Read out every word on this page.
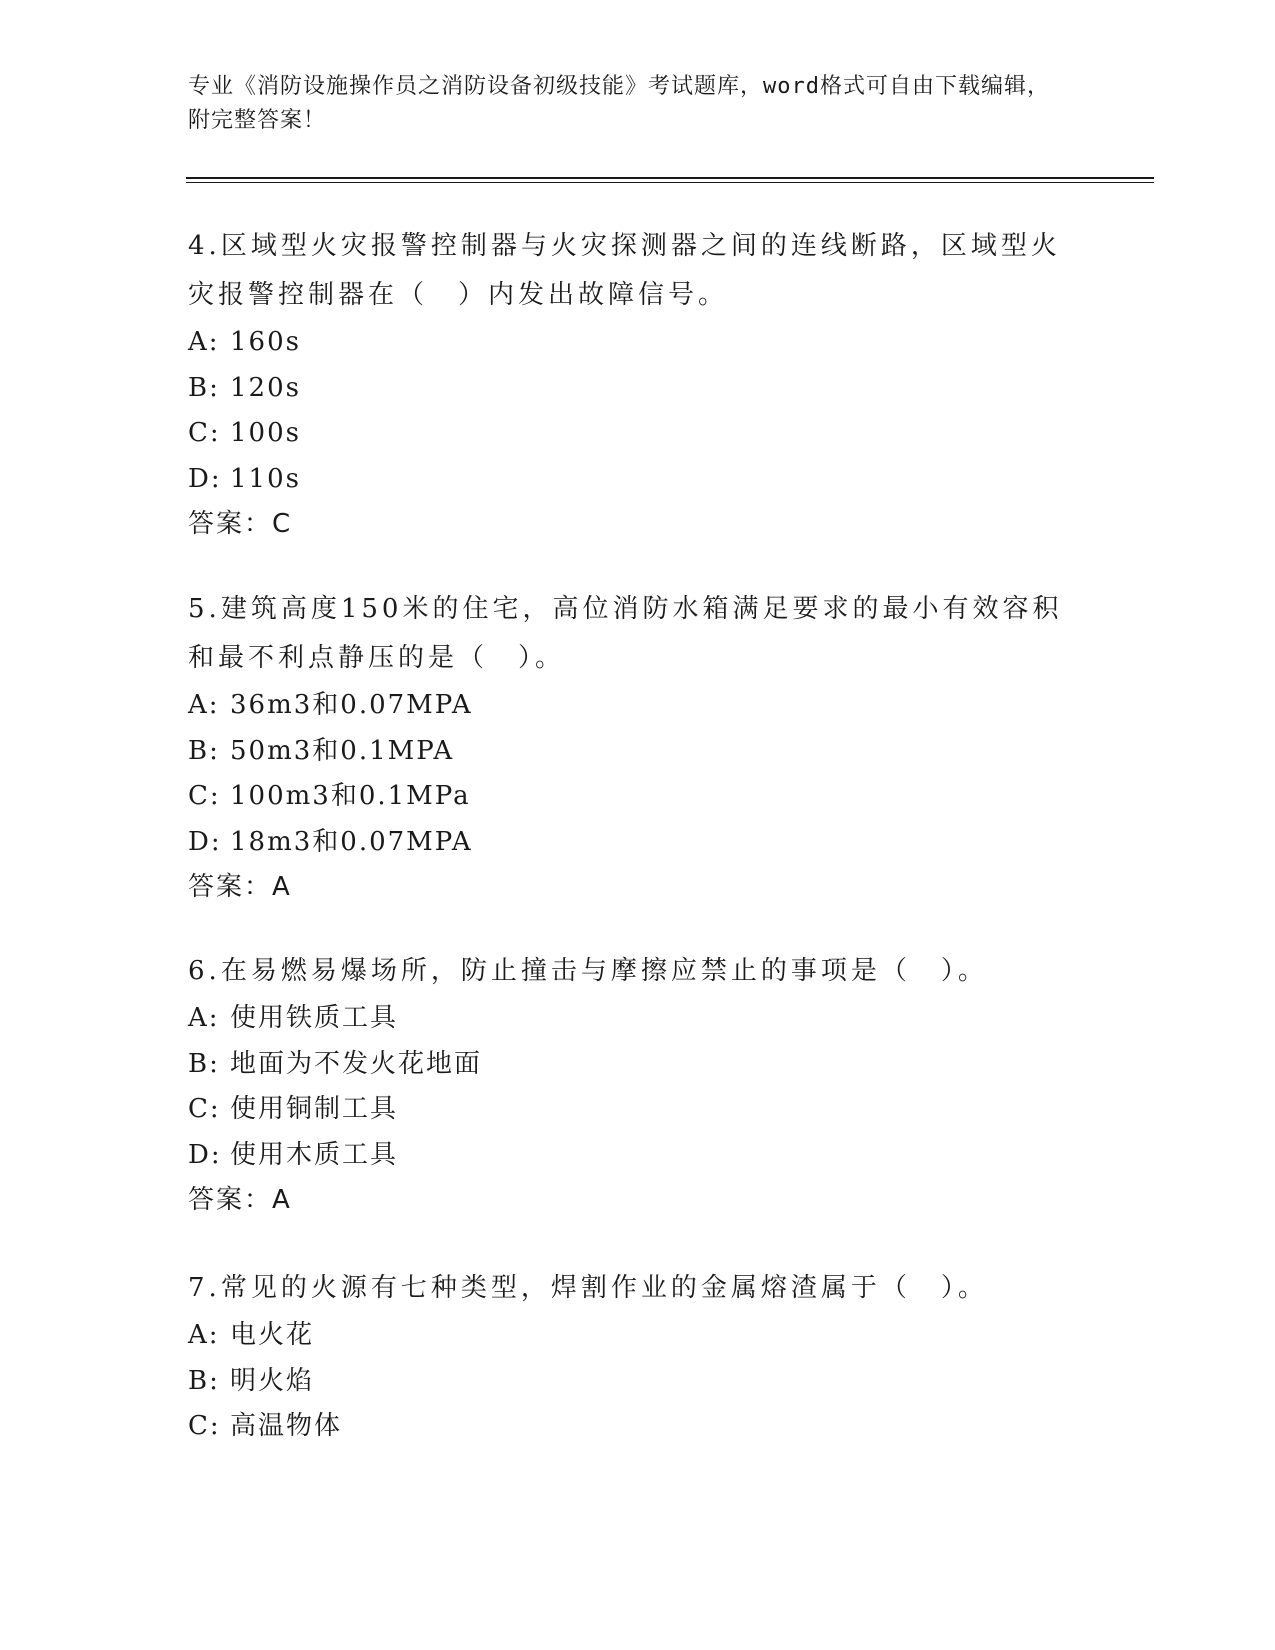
专业《消防设施操作员之消防设备初级技能》考试题库，word格式可自由下载编辑，附完整答案！

4.区域型火灾报警控制器与火灾探测器之间的连线断路，区域型火灾报警控制器在（　）内发出故障信号。

A: 160s

B: 120s

C: 100s

D: 110s

答案：C

5.建筑高度150米的住宅，高位消防水箱满足要求的最小有效容积和最不利点静压的是（　）。

A: 36m3和0.07MPA

B: 50m3和0.1MPA

C: 100m3和0.1MPa

D: 18m3和0.07MPA

答案：A

6.在易燃易爆场所，防止撞击与摩擦应禁止的事项是（　）。

A: 使用铁质工具

B: 地面为不发火花地面

C: 使用铜制工具

D: 使用木质工具

答案：A

7.常见的火源有七种类型，焊割作业的金属熔渣属于（　）。

A: 电火花

B: 明火焰

C: 高温物体
